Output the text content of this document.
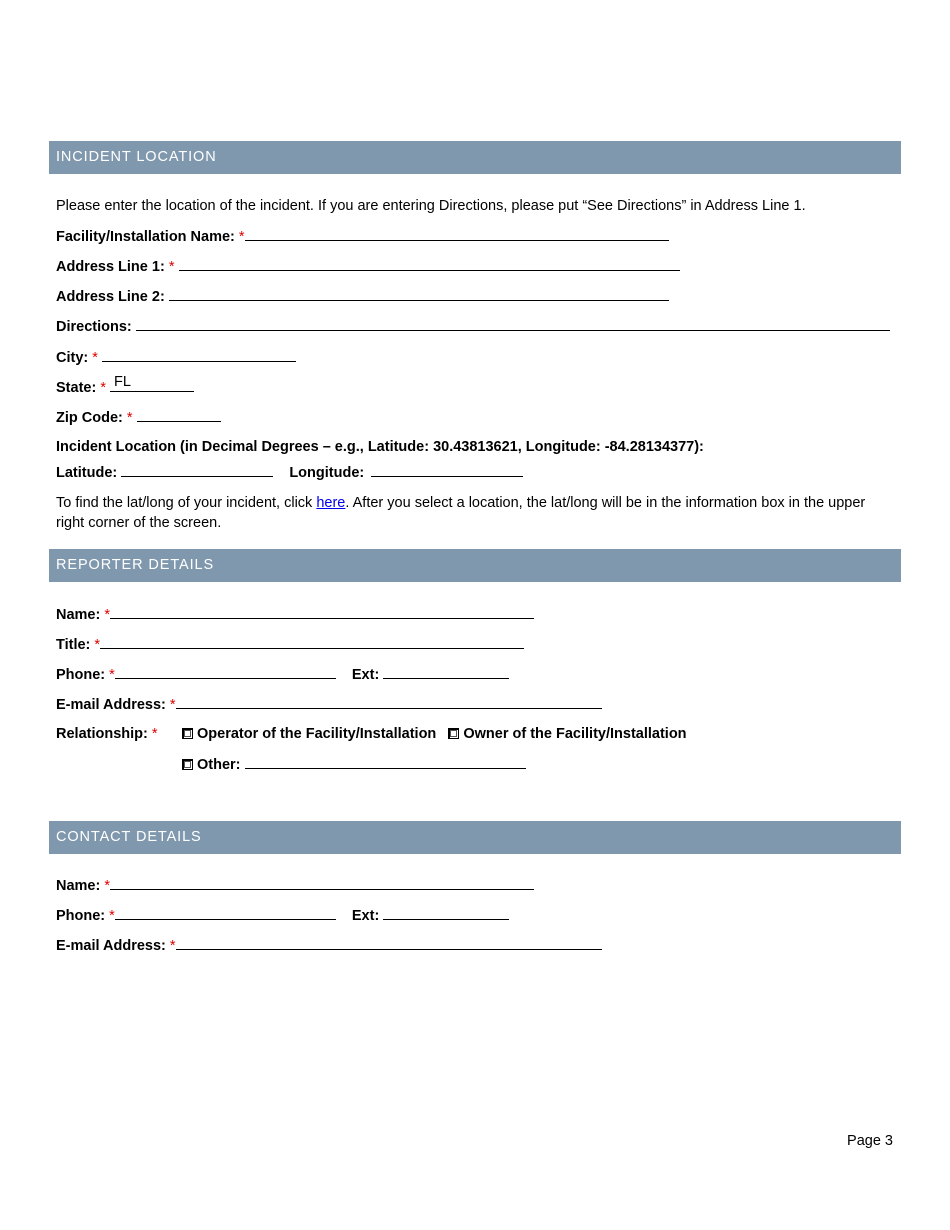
INCIDENT LOCATION
Please enter the location of the incident. If you are entering Directions, please put “See Directions” in Address Line 1.
Facility/Installation Name: *
Address Line 1: *
Address Line 2:
Directions:
City: *
State: * FL
Zip Code: *
Incident Location (in Decimal Degrees – e.g., Latitude: 30.43813621, Longitude: -84.28134377):
Latitude:	Longitude:
To find the lat/long of your incident, click here. After you select a location, the lat/long will be in the information box in the upper right corner of the screen.
REPORTER DETAILS
Name: *
Title: *
Phone: *	Ext:
E-mail Address: *
Relationship: *	Operator of the Facility/Installation Owner of the Facility/Installation
Other:
CONTACT DETAILS
Name: *
Phone: *	Ext:
E-mail Address: *
Page 3
